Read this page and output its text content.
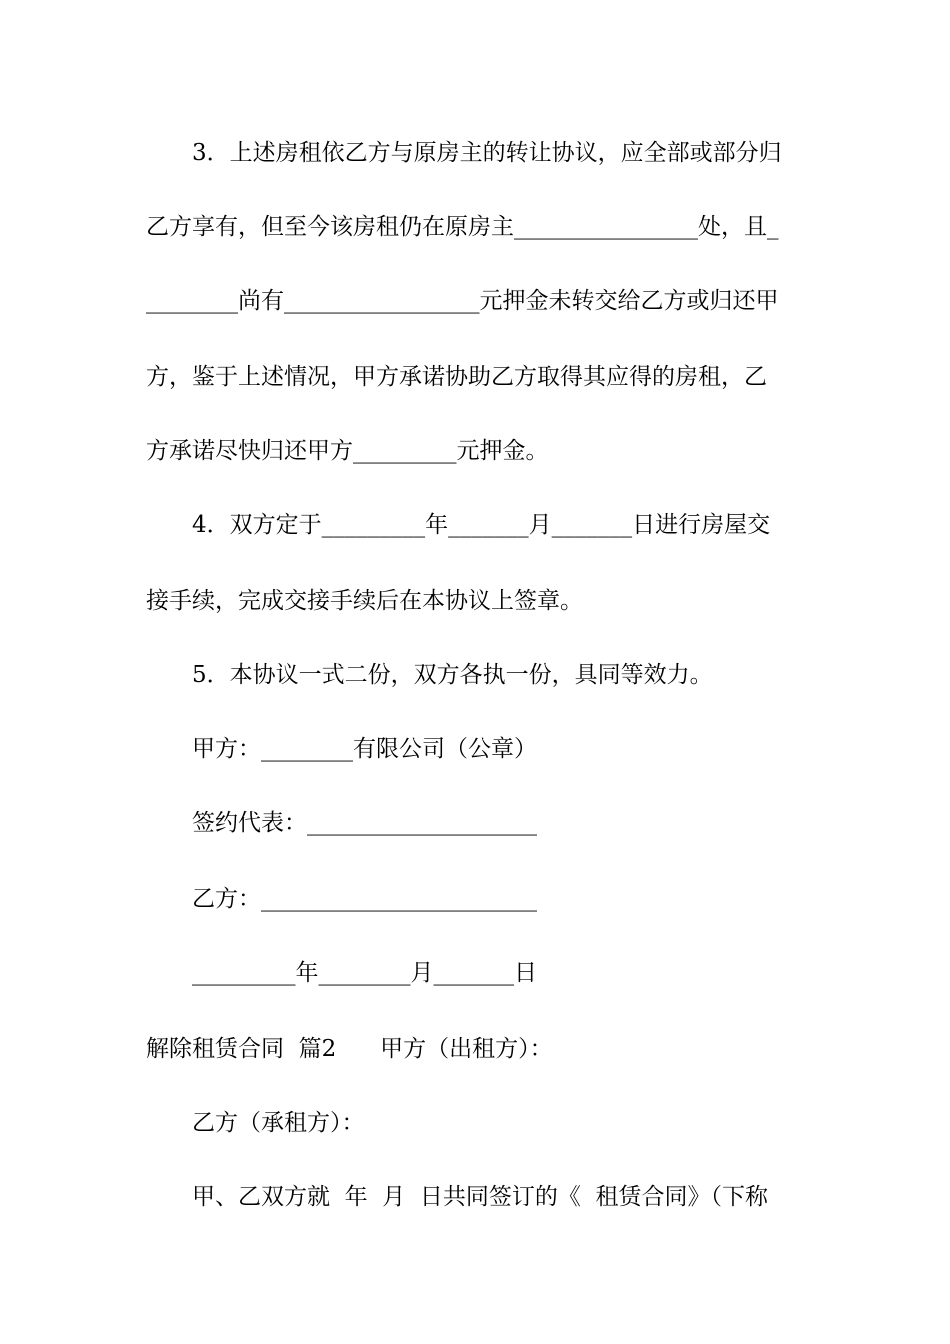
3．上述房租依乙方与原房主的转让协议，应全部或部分归
乙方享有，但至今该房租仍在原房主________________处，且_
________尚有_________________元押金未转交给乙方或归还甲
方，鉴于上述情况，甲方承诺协助乙方取得其应得的房租，乙
方承诺尽快归还甲方_________元押金。
4．双方定于_________年_______月_______日进行房屋交
接手续，完成交接手续后在本协议上签章。
5．本协议一式二份，双方各执一份，具同等效力。
甲方：________有限公司（公章）
签约代表：____________________
乙方：________________________
_________年________月_______日
解除租赁合同  篇2      甲方（出租方）：
乙方（承租方）：
甲、乙双方就  年  月  日共同签订的《  租赁合同》（下称
